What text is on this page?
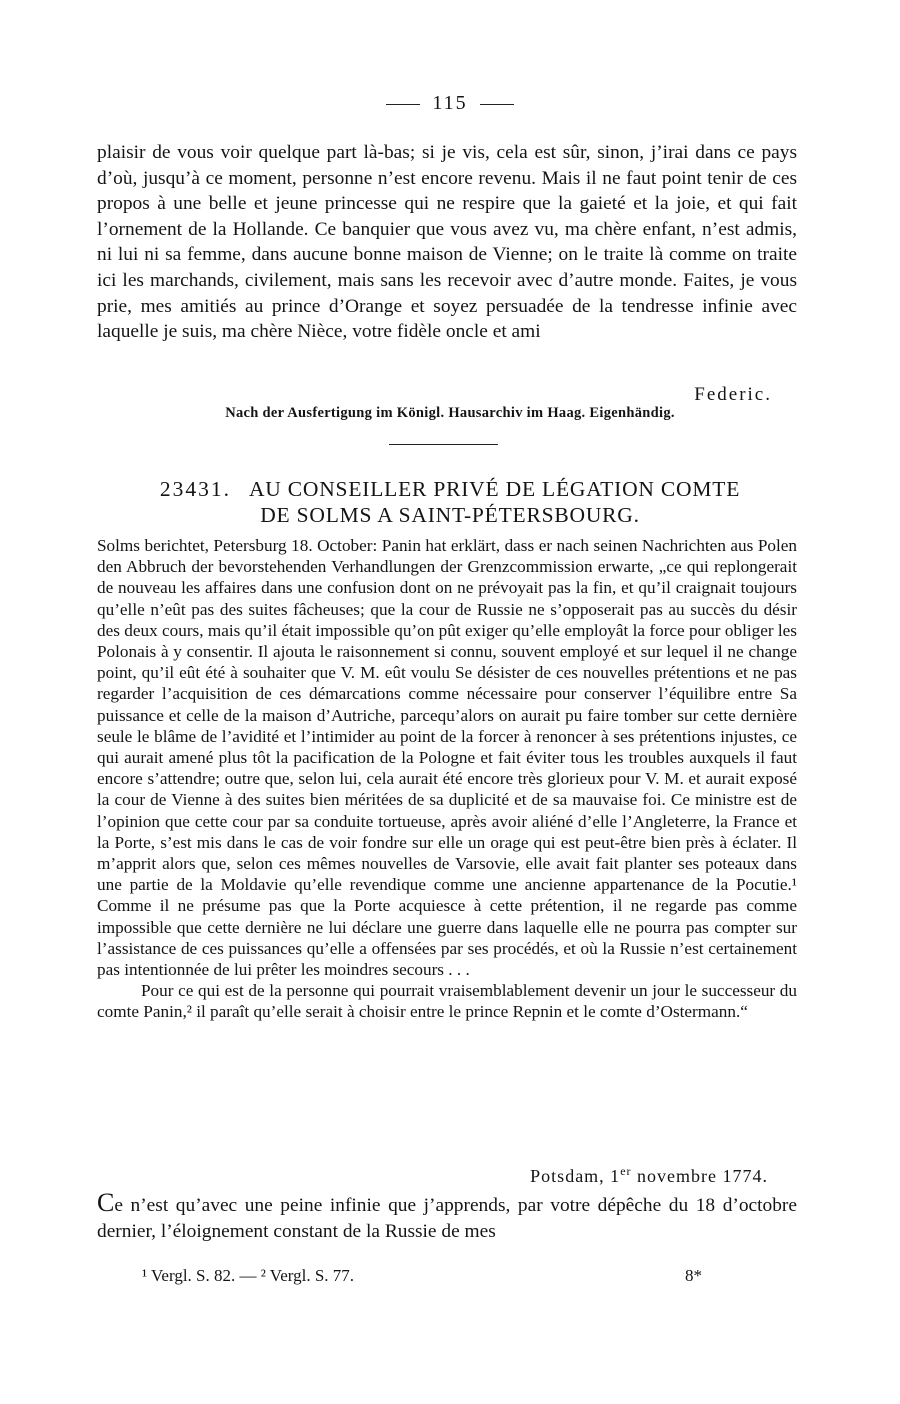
115

plaisir de vous voir quelque part là-bas; si je vis, cela est sûr, sinon, j’irai dans ce pays d’où, jusqu’à ce moment, personne n’est encore revenu. Mais il ne faut point tenir de ces propos à une belle et jeune princesse qui ne respire que la gaieté et la joie, et qui fait l’ornement de la Hollande. Ce banquier que vous avez vu, ma chère enfant, n’est admis, ni lui ni sa femme, dans aucune bonne maison de Vienne; on le traite là comme on traite ici les marchands, civilement, mais sans les recevoir avec d’autre monde. Faites, je vous prie, mes amitiés au prince d’Orange et soyez persuadée de la tendresse infinie avec laquelle je suis, ma chère Nièce, votre fidèle oncle et ami

Federic.
Nach der Ausfertigung im Königl. Hausarchiv im Haag. Eigenhändig.
23431. AU CONSEILLER PRIVÉ DE LÉGATION COMTE
DE SOLMS A SAINT-PÉTERSBOURG.

Solms berichtet, Petersburg 18. October: Panin hat erklärt, dass er nach seinen Nachrichten aus Polen den Abbruch der bevorstehenden Verhandlungen der Grenzcommission erwarte, „ce qui replongerait de nouveau les affaires dans une confusion dont on ne prévoyait pas la fin, et qu’il craignait toujours qu’elle n’eût pas des suites fâcheuses; que la cour de Russie ne s’opposerait pas au succès du désir des deux cours, mais qu’il était impossible qu’on pût exiger qu’elle employât la force pour obliger les Polonais à y consentir. Il ajouta le raisonnement si connu, souvent employé et sur lequel il ne change point, qu’il eût été à souhaiter que V. M. eût voulu Se désister de ces nouvelles prétentions et ne pas regarder l’acquisition de ces démarcations comme nécessaire pour conserver l’équilibre entre Sa puissance et celle de la maison d’Autriche, parcequ’alors on aurait pu faire tomber sur cette dernière seule le blâme de l’avidité et l’intimider au point de la forcer à renoncer à ses prétentions injustes, ce qui aurait amené plus tôt la pacification de la Pologne et fait éviter tous les troubles auxquels il faut encore s’attendre; outre que, selon lui, cela aurait été encore très glorieux pour V. M. et aurait exposé la cour de Vienne à des suites bien méritées de sa duplicité et de sa mauvaise foi. Ce ministre est de l’opinion que cette cour par sa conduite tortueuse, après avoir aliéné d’elle l’Angleterre, la France et la Porte, s’est mis dans le cas de voir fondre sur elle un orage qui est peut-être bien près à éclater. Il m’apprit alors que, selon ces mêmes nouvelles de Varsovie, elle avait fait planter ses poteaux dans une partie de la Moldavie qu’elle revendique comme une ancienne appartenance de la Pocutie.¹ Comme il ne présume pas que la Porte acquiesce à cette prétention, il ne regarde pas comme impossible que cette dernière ne lui déclare une guerre dans laquelle elle ne pourra pas compter sur l’assistance de ces puissances qu’elle a offensées par ses procédés, et où la Russie n’est certainement pas intentionnée de lui prêter les moindres secours . . .

Pour ce qui est de la personne qui pourrait vraisemblablement devenir un jour le successeur du comte Panin,² il paraît qu’elle serait à choisir entre le prince Repnin et le comte d’Ostermann.“

Potsdam, 1er novembre 1774.

Ce n’est qu’avec une peine infinie que j’apprends, par votre dépêche du 18 d’octobre dernier, l’éloignement constant de la Russie de mes

¹ Vergl. S. 82. — ² Vergl. S. 77.	8*
